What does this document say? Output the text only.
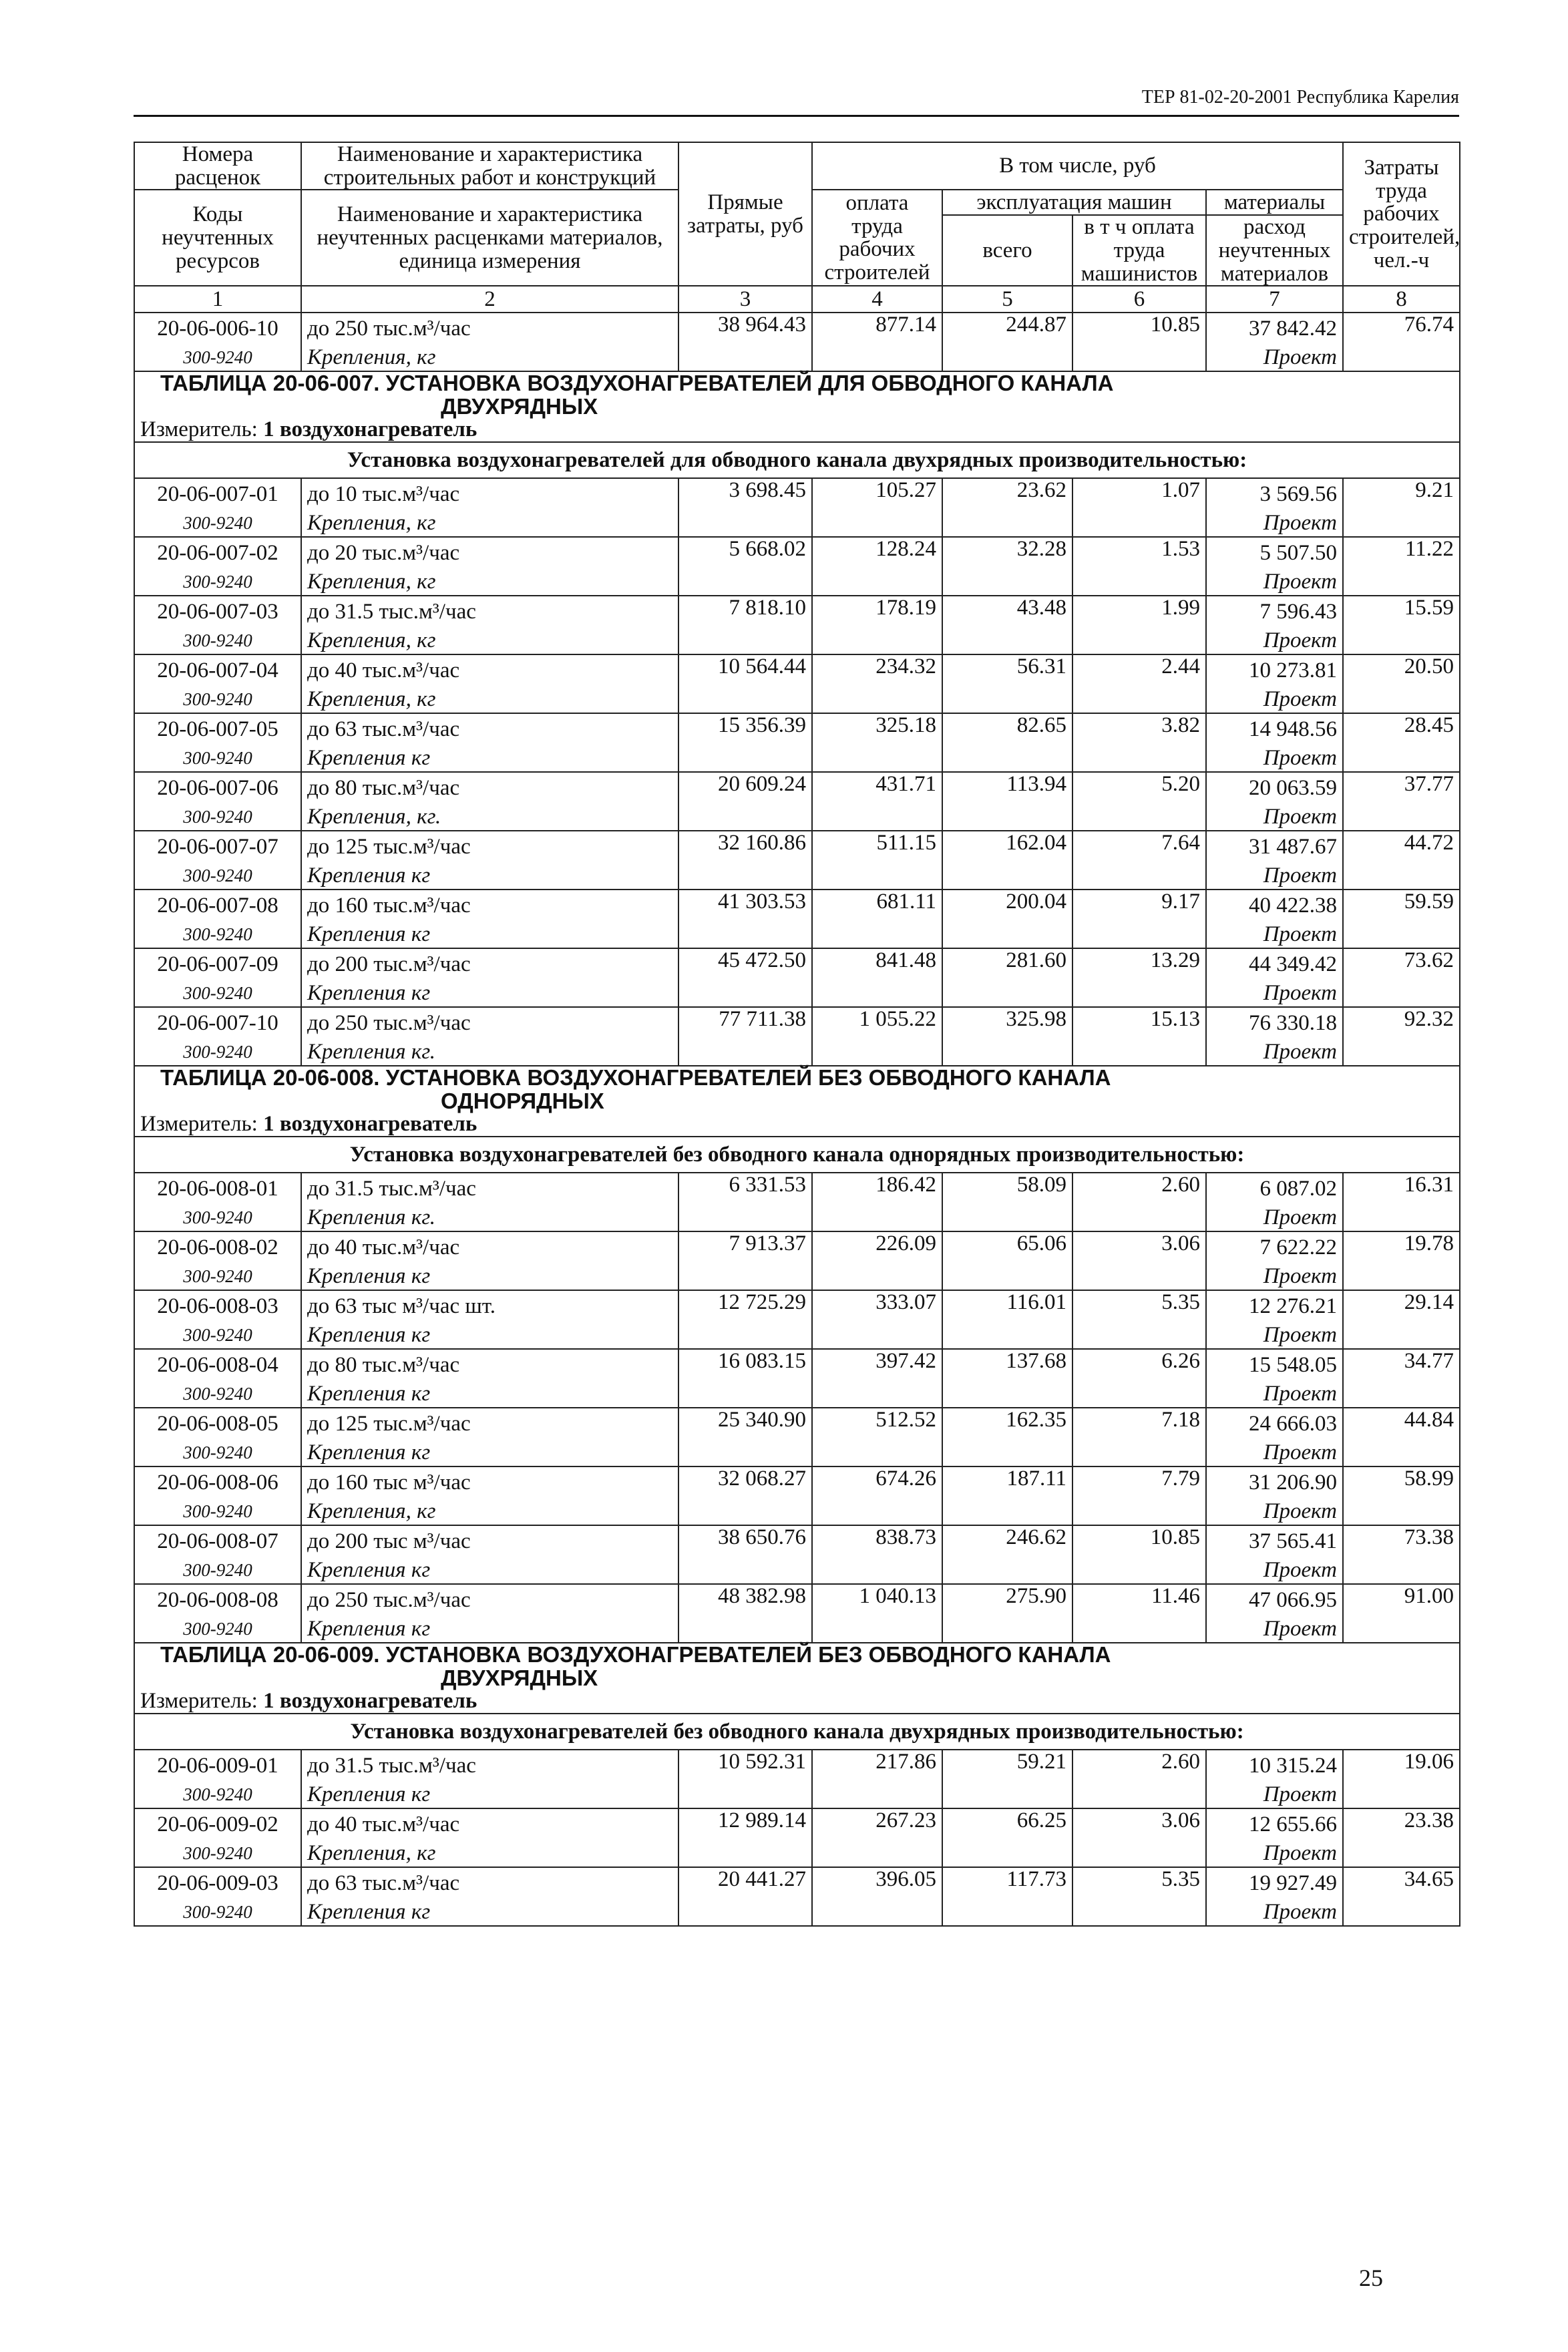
ТЕР 81-02-20-2001 Республика Карелия
Номера расценок	Наименование и характеристика строительных работ и конструкций	Прямые затраты, руб	В том числе, руб				Затраты труда рабочих строителей, чел.-ч
Коды неучтенных ресурсов	Наименование и характеристика неучтенных расценками материалов, единица измерения		оплата труда рабочих строителей	эксплуатация машин		материалы	
				всего	в т ч оплата труда машинистов	расход неучтенных материалов	
1	2	3	4	5	6	7	8
20-06-006-10	до 250 тыс.м³/час	38 964.43	877.14	244.87	10.85	37 842.42	76.74
300-9240	Крепления, кг					Проект	

ТАБЛИЦА 20-06-007. УСТАНОВКА ВОЗДУХОНАГРЕВАТЕЛЕЙ ДЛЯ ОБВОДНОГО КАНАЛА
ДВУХРЯДНЫХ							

Измеритель: 1 воздухонагреватель							
Установка воздухонагревателей для обводного канала двухрядных производительностью:							
20-06-007-01	до 10 тыс.м³/час	3 698.45	105.27	23.62	1.07	3 569.56	9.21
300-9240	Крепления, кг					Проект	
20-06-007-02	до 20 тыс.м³/час	5 668.02	128.24	32.28	1.53	5 507.50	11.22
300-9240	Крепления, кг					Проект	
20-06-007-03	до 31.5 тыс.м³/час	7 818.10	178.19	43.48	1.99	7 596.43	15.59
300-9240	Крепления, кг					Проект	
20-06-007-04	до 40 тыс.м³/час	10 564.44	234.32	56.31	2.44	10 273.81	20.50
300-9240	Крепления, кг					Проект	
20-06-007-05	до 63 тыс.м³/час	15 356.39	325.18	82.65	3.82	14 948.56	28.45
300-9240	Крепления кг					Проект	
20-06-007-06	до 80 тыс.м³/час	20 609.24	431.71	113.94	5.20	20 063.59	37.77
300-9240	Крепления, кг.					Проект	
20-06-007-07	до 125 тыс.м³/час	32 160.86	511.15	162.04	7.64	31 487.67	44.72
300-9240	Крепления кг					Проект	
20-06-007-08	до 160 тыс.м³/час	41 303.53	681.11	200.04	9.17	40 422.38	59.59
300-9240	Крепления кг					Проект	
20-06-007-09	до 200 тыс.м³/час	45 472.50	841.48	281.60	13.29	44 349.42	73.62
300-9240	Крепления кг					Проект	
20-06-007-10	до 250 тыс.м³/час	77 711.38	1 055.22	325.98	15.13	76 330.18	92.32
300-9240	Крепления кг.					Проект	

ТАБЛИЦА 20-06-008. УСТАНОВКА ВОЗДУХОНАГРЕВАТЕЛЕЙ БЕЗ ОБВОДНОГО КАНАЛА
ОДНОРЯДНЫХ							

Измеритель: 1 воздухонагреватель							
Установка воздухонагревателей без обводного канала однорядных производительностью:							
20-06-008-01	до 31.5 тыс.м³/час	6 331.53	186.42	58.09	2.60	6 087.02	16.31
300-9240	Крепления кг.					Проект	
20-06-008-02	до 40 тыс.м³/час	7 913.37	226.09	65.06	3.06	7 622.22	19.78
300-9240	Крепления кг					Проект	
20-06-008-03	до 63 тыс м³/час шт.	12 725.29	333.07	116.01	5.35	12 276.21	29.14
300-9240	Крепления кг					Проект	
20-06-008-04	до 80 тыс.м³/час	16 083.15	397.42	137.68	6.26	15 548.05	34.77
300-9240	Крепления кг					Проект	
20-06-008-05	до 125 тыс.м³/час	25 340.90	512.52	162.35	7.18	24 666.03	44.84
300-9240	Крепления кг					Проект	
20-06-008-06	до 160 тыс м³/час	32 068.27	674.26	187.11	7.79	31 206.90	58.99
300-9240	Крепления, кг					Проект	
20-06-008-07	до 200 тыс м³/час	38 650.76	838.73	246.62	10.85	37 565.41	73.38
300-9240	Крепления кг					Проект	
20-06-008-08	до 250 тыс.м³/час	48 382.98	1 040.13	275.90	11.46	47 066.95	91.00
300-9240	Крепления кг					Проект	

ТАБЛИЦА 20-06-009. УСТАНОВКА ВОЗДУХОНАГРЕВАТЕЛЕЙ БЕЗ ОБВОДНОГО КАНАЛА
ДВУХРЯДНЫХ							

Измеритель: 1 воздухонагреватель							
Установка воздухонагревателей без обводного канала двухрядных производительностью:							
20-06-009-01	до 31.5 тыс.м³/час	10 592.31	217.86	59.21	2.60	10 315.24	19.06
300-9240	Крепления кг					Проект	
20-06-009-02	до 40 тыс.м³/час	12 989.14	267.23	66.25	3.06	12 655.66	23.38
300-9240	Крепления, кг					Проект	
20-06-009-03	до 63 тыс.м³/час	20 441.27	396.05	117.73	5.35	19 927.49	34.65
300-9240	Крепления кг					Проект	
25
